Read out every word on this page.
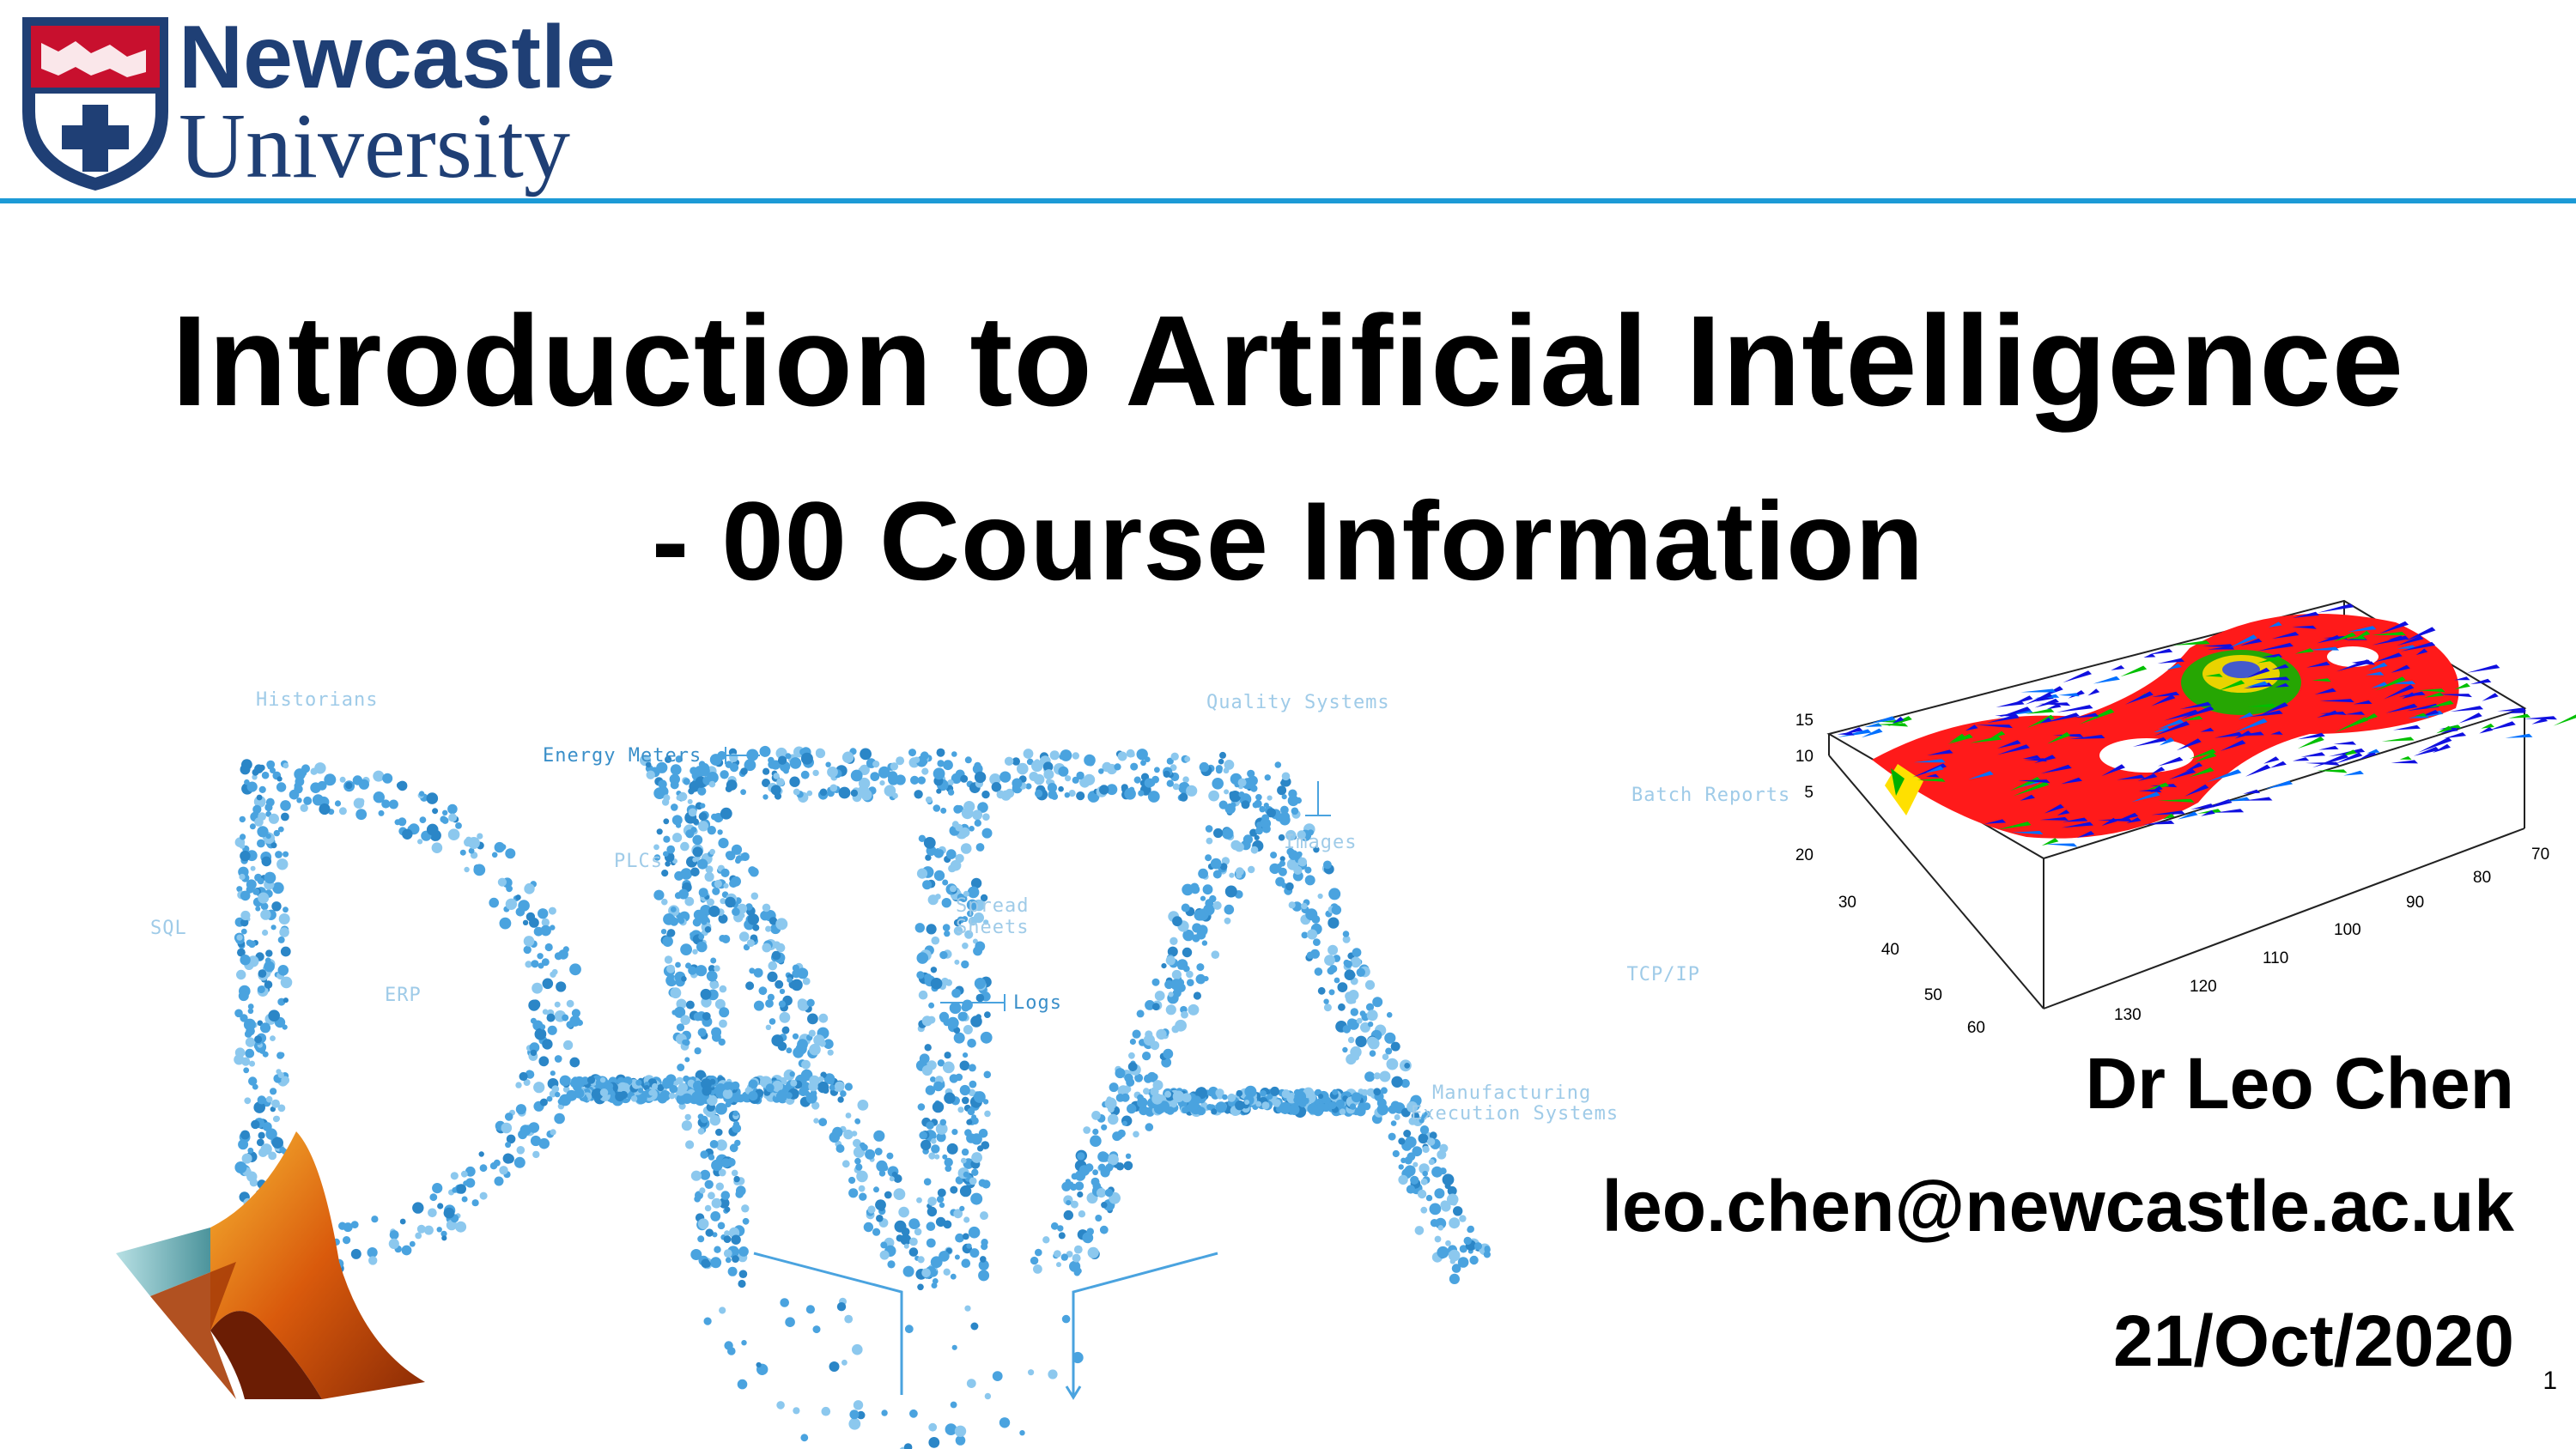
Newcastle
University
Introduction to Artificial Intelligence
- 00 Course Information
Historians
Energy Meters
Quality Systems
Batch Reports
PLCs
Images
SQL
Spread
Sheets
ERP	Logs
TCP/IP
Manufacturing
Execution Systems
15
10
5
20
30
40
50
60
130
120
110
100
90
80
70
Dr Leo Chen
leo.chen@newcastle.ac.uk
21/Oct/2020 1
